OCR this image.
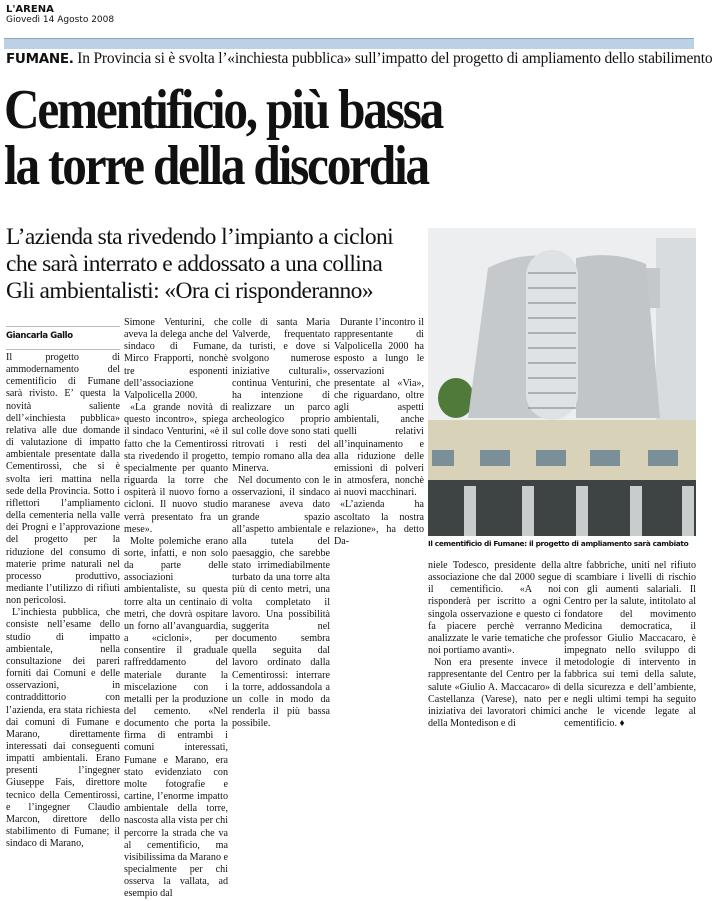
L'ARENA
Giovedì 14 Agosto 2008
FUMANE. In Provincia si è svolta l’«inchiesta pubblica» sull’impatto del progetto di ampliamento dello stabilimento
Cementificio, più bassa
la torre della discordia
L’azienda sta rivedendo l’impianto a cicloni
che sarà interrato e addossato a una collina
Gli ambientalisti: «Ora ci risponderanno»
Giancarla Gallo

Il progetto di ammodernamento del cementificio di Fumane sarà rivisto. E’ questa la novità saliente dell’«inchiesta pubblica» relativa alle due domande di valutazione di impatto ambientale presentate dalla Cementirossi, che si è svolta ieri mattina nella sede della Provincia. Sotto i riflettori l’ampliamento della cementeria nella valle dei Progni e l’approvazione del progetto per la riduzione del consumo di materie prime naturali nel processo produttivo, mediante l’utilizzo di rifiuti non pericolosi.

L’inchiesta pubblica, che consiste nell’esame dello studio di impatto ambientale, nella consultazione dei pareri forniti dai Comuni e delle osservazioni, in contraddittorio con l’azienda, era stata richiesta dai comuni di Fumane e Marano, direttamente interessati dai conseguenti impatti ambientali. Erano presenti l’ingegner Giuseppe Fais, direttore tecnico della Cementirossi, e l’ingegner Claudio Marcon, direttore dello stabilimento di Fumane; il sindaco di Marano,

Simone Venturini, che aveva la delega anche del sindaco di Fumane, Mirco Frapporti, nonchè tre esponenti dell’associazione Valpolicella 2000.

«La grande novità di questo incontro», spiega il sindaco Venturini, «è il fatto che la Cementirossi sta rivedendo il progetto, specialmente per quanto riguarda la torre che ospiterà il nuovo forno a cicloni. Il nuovo studio verrà presentato fra un mese».

Molte polemiche erano sorte, infatti, e non solo da parte delle associazioni ambientaliste, su questa torre alta un centinaio di metri, che dovrà ospitare un forno all’avanguardia, a «cicloni», per consentire il graduale raffreddamento del materiale durante la miscelazione con i metalli per la produzione del cemento. «Nel documento che porta la firma di entrambi i comuni interessati, Fumane e Marano, era stato evidenziato con molte fotografie e cartine, l’enorme impatto ambientale della torre, nascosta alla vista per chi percorre la strada che va al cementificio, ma visibilissima da Marano e specialmente per chi osserva la vallata, ad esempio dal

colle di santa Maria Valverde, frequentato da turisti, e dove si svolgono numerose iniziative culturali», continua Venturini, che ha intenzione di realizzare un parco archeologico proprio sul colle dove sono stati ritrovati i resti del tempio romano alla dea Minerva.

Nel documento con le osservazioni, il sindaco maranese aveva dato grande spazio all’aspetto ambientale e alla tutela del paesaggio, che sarebbe stato irrimediabilmente turbato da una torre alta più di cento metri, una volta completato il lavoro. Una possibilità suggerita nel documento sembra quella seguita dal lavoro ordinato dalla Cementirossi: interrare la torre, addossandola a un colle in modo da renderla il più bassa possibile.

Durante l’incontro il rappresentante di Valpolicella 2000 ha esposto a lungo le osservazioni presentate al «Via», che riguardano, oltre agli aspetti ambientali, anche quelli relativi all’inquinamento e alla riduzione delle emissioni di polveri in atmosfera, nonchè ai nuovi macchinari.

«L’azienda ha ascoltato la nostra relazione», ha detto Da-	Il cementificio di Fumane: il progetto di ampliamento sarà cambiato

niele Todesco, presidente della associazione che dal 2000 segue il cementificio. «A noi risponderà per iscritto a ogni singola osservazione e questo ci fa piacere perchè verranno analizzate le varie tematiche che noi portiamo avanti».

Non era presente invece il rappresentante del Centro per la salute «Giulio A. Maccacaro» di Castellanza (Varese), nato per iniziativa dei lavoratori chimici della Montedison e di

altre fabbriche, uniti nel rifiuto di scambiare i livelli di rischio con gli aumenti salariali. Il Centro per la salute, intitolato al fondatore del movimento Medicina democratica, il professor Giulio Maccacaro, è impegnato nello sviluppo di metodologie di intervento in fabbrica sui temi della salute, della sicurezza e dell’ambiente, e negli ultimi tempi ha seguito anche le vicende legate al cementificio. ♦
